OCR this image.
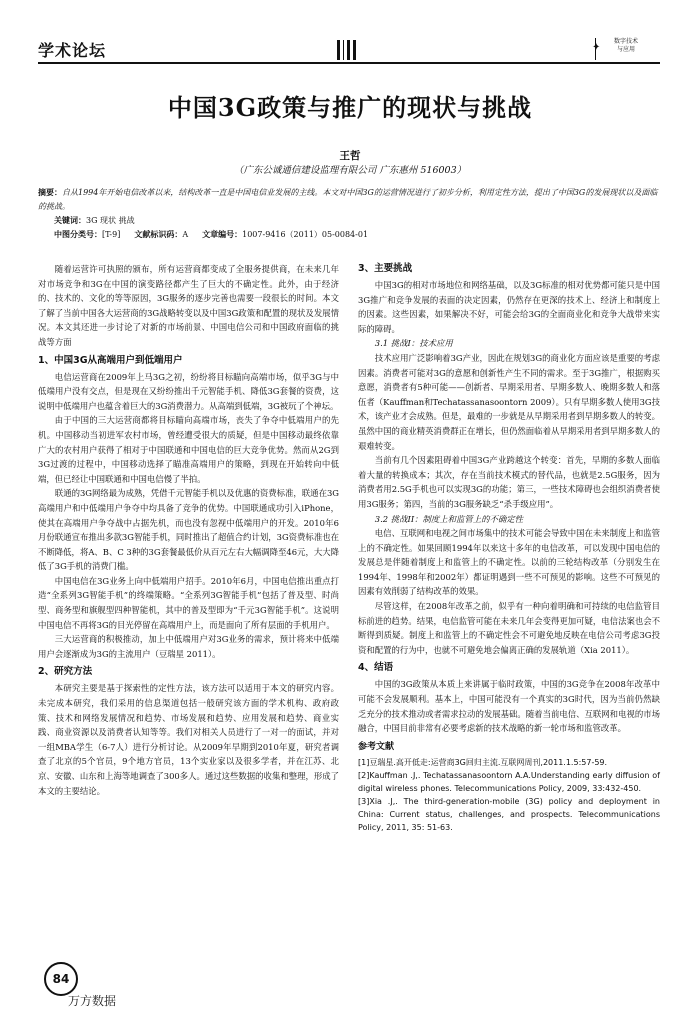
学术论坛	✦
数字技术
与应用
中国3G政策与推广的现状与挑战
王哲
（广东公诚通信建设监理有限公司 广东惠州 516003）
摘要：自从1994年开始电信改革以来，结构改革一直是中国电信业发展的主线。本文对中国3G的运营情况进行了初步分析，利用定性方法，提出了中国3G的发展现状以及面临的挑战。
关键词：3G 现状 挑战
中图分类号：[T-9] 文献标识码：A 文章编号：1007-9416（2011）05-0084-01

随着运营许可执照的颁布，所有运营商都变成了全服务提供商，在未来几年对市场竞争和3G在中国的演变路径都产生了巨大的不确定性。此外，由于经济的、技术的、文化的等等原因，3G服务的逐步完善也需要一段很长的时间。本文了解了当前中国各大运营商的3G战略转变以及中国3G政策和配置的现状及发展情况。本文其还进一步讨论了对新的市场前景、中国电信公司和中国政府面临的挑战等方面

1、中国3G从高端用户到低端用户

电信运营商在2009年上马3G之初，纷纷将目标瞄向高端市场，似乎3G与中低端用户没有交点，但是现在又纷纷推出千元智能手机、降低3G套餐的资费，这说明中低端用户也蕴含着巨大的3G消费潜力。从高端到低端，3G被玩了个神坛。

由于中国的三大运营商都将目标瞄向高端市场，丧失了争夺中低端用户的先机。中国移动当初进军农村市场，曾经遭受很大的质疑，但是中国移动最终依靠广大的农村用户获得了相对于中国联通和中国电信的巨大竞争优势。然而从2G到3G过渡的过程中，中国移动选择了瞄准高端用户的策略，到现在开始转向中低端，但已经让中国联通和中国电信慢了半拍。

联通的3G网络最为成熟，凭借千元智能手机以及优惠的资费标准，联通在3G高端用户和中低端用户争夺中均具备了竞争的优势。中国联通成功引入iPhone，使其在高端用户争夺战中占据先机，而也没有忽视中低端用户的开发。2010年6月份联通宣布推出多款3G智能手机，同时推出了超值合约计划，3G资费标准也在不断降低，将A、B、C 3种的3G套餐最低价从百元左右大幅调降至46元，大大降低了3G手机的消费门槛。

中国电信在3G业务上向中低端用户招手。2010年6月，中国电信推出重点打造“全系列3G智能手机”的终端策略。“全系列3G智能手机”包括了普及型、时尚型、商务型和旗舰型四种智能机，其中的普及型即为“千元3G智能手机”。这说明中国电信不再将3G的目光停留在高端用户上，而是面向了所有层面的手机用户。

三大运营商的积极推动，加上中低端用户对3G业务的需求，预计将来中低端用户会逐渐成为3G的主流用户（豆瑞星 2011）。

2、研究方法

本研究主要是基于探索性的定性方法，该方法可以适用于本文的研究内容。未完成本研究，我们采用的信息渠道包括一般研究该方面的学术机构、政府政策、技术和网络发展情况和趋势、市场发展和趋势、应用发展和趋势、商业实践、商业资源以及消费者认知等等。我们对相关人员进行了一对一的面试，并对一组MBA学生（6-7人）进行分析讨论。从2009年早期到2010年夏，研究者调查了北京的5个官员，9个地方官员，13个实业家以及很多学者，并在江苏、北京、安徽、山东和上海等地调查了300多人。通过这些数据的收集和整理，形成了本文的主要结论。

3、主要挑战

中国3G的相对市场地位和网络基础，以及3G标准的相对优势都可能只是中国3G推广和竞争发展的表面的决定因素，仍然存在更深的技术上、经济上和制度上的因素。这些因素，如果解决不好，可能会给3G的全面商业化和竞争大战带来实际的障碍。

3.1 挑战I：技术应用

技术应用广泛影响着3G产业，因此在规划3G的商业化方面应该是重要的考虑因素。消费者可能对3G的意愿和创新性产生不同的需求。至于3G推广，根据购买意愿，消费者有5种可能——创新者、早期采用者、早期多数人、晚期多数人和落伍者（Kauffman和Techatassanasoontorn 2009）。只有早期多数人使用3G技术，该产业才会成熟。但是，最难的一步就是从早期采用者到早期多数人的转变。虽然中国的商业精英消费群正在增长，但仍然面临着从早期采用者到早期多数人的艰难转变。

当前有几个因素阻碍着中国3G产业跨越这个转变：首先，早期的多数人面临着大量的转换成本；其次，存在当前技术模式的替代品，也就是2.5G服务，因为消费者用2.5G手机也可以实现3G的功能；第三，一些技术障碍也会组织消费者使用3G服务；第四，当前的3G服务缺乏“杀手级应用”。

3.2 挑战II：制度上和监管上的不确定性

电信、互联网和电视之间市场集中的技术可能会导致中国在未来制度上和监管上的不确定性。如果回顾1994年以来这十多年的电信改革，可以发现中国电信的发展总是伴随着制度上和监管上的不确定性。以前的三轮结构改革（分别发生在1994年、1998年和2002年）都证明遇到一些不可预见的影响。这些不可预见的因素有效削弱了结构改革的效果。

尽管这样，在2008年改革之前，似乎有一种向着明确和可持续的电信监管目标前进的趋势。结果，电信监管可能在未来几年会变得更加可疑，电信法案也会不断得到质疑。制度上和监管上的不确定性会不可避免地反映在电信公司考虑3G投资和配置的行为中，也就不可避免地会偏离正确的发展轨道（Xia 2011）。

4、结语

中国的3G政策从本质上来讲属于临时政策，中国的3G竞争在2008年改革中可能不会发展顺利。基本上，中国可能没有一个真实的3G时代，因为当前仍然缺乏充分的技术推动或者需求拉动的发展基础。随着当前电信、互联网和电视的市场融合，中国目前非常有必要考虑新的技术战略的新一轮市场和监管改革。

参考文献

[1]豆瑞星.高开低走:运营商3G回归主流.互联网周刊,2011.1.5:57-59.

[2]Kauffman .J,. Techatassanasoontorn A.A.Understanding early diffusion of digital wireless phones. Telecommunications Policy, 2009, 33:432-450.

[3]Xia .J,. The third-generation-mobile (3G) policy and deployment in China: Current status, challenges, and prospects. Telecommunications Policy, 2011, 35: 51-63.

84
万方数据
